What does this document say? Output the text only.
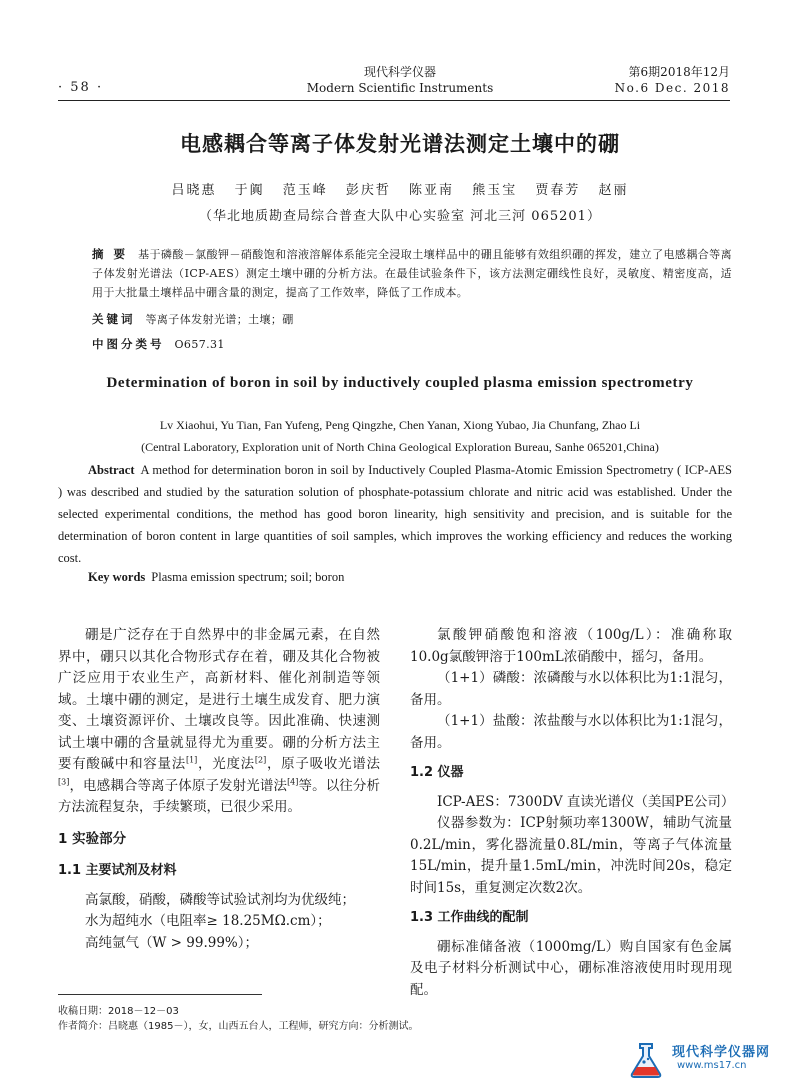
· 58 ·
现代科学仪器
Modern Scientific Instruments
第6期2018年12月
No.6 Dec. 2018
电感耦合等离子体发射光谱法测定土壤中的硼
吕晓惠 于阗 范玉峰 彭庆哲 陈亚南 熊玉宝 贾春芳 赵丽
（华北地质勘查局综合普查大队中心实验室 河北三河 065201）
摘 要 基于磷酸－氯酸钾－硝酸饱和溶液溶解体系能完全浸取土壤样品中的硼且能够有效组织硼的挥发，建立了电感耦合等离子体发射光谱法（ICP-AES）测定土壤中硼的分析方法。在最佳试验条件下，该方法测定硼线性良好，灵敏度、精密度高，适用于大批量土壤样品中硼含量的测定，提高了工作效率，降低了工作成本。
关键词 等离子体发射光谱；土壤；硼
中图分类号 O657.31
Determination of boron in soil by inductively coupled plasma emission spectrometry
Lv Xiaohui, Yu Tian, Fan Yufeng, Peng Qingzhe, Chen Yanan, Xiong Yubao, Jia Chunfang, Zhao Li
(Central Laboratory, Exploration unit of North China Geological Exploration Bureau, Sanhe 065201,China)
Abstract A method for determination boron in soil by Inductively Coupled Plasma-Atomic Emission Spectrometry ( ICP-AES ) was described and studied by the saturation solution of phosphate-potassium chlorate and nitric acid was established. Under the selected experimental conditions, the method has good boron linearity, high sensitivity and precision, and is suitable for the determination of boron content in large quantities of soil samples, which improves the working efficiency and reduces the working cost.
Key words Plasma emission spectrum; soil; boron

硼是广泛存在于自然界中的非金属元素，在自然界中，硼只以其化合物形式存在着，硼及其化合物被广泛应用于农业生产，高新材料、催化剂制造等领域。土壤中硼的测定，是进行土壤生成发育、肥力演变、土壤资源评价、土壤改良等。因此准确、快速测试土壤中硼的含量就显得尤为重要。硼的分析方法主要有酸碱中和容量法[1]，光度法[2]，原子吸收光谱法[3]，电感耦合等离子体原子发射光谱法[4]等。以往分析方法流程复杂，手续繁琐，已很少采用。

1 实验部分

1.1 主要试剂及材料

高氯酸，硝酸，磷酸等试验试剂均为优级纯；

水为超纯水（电阻率≥ 18.25MΩ.cm）；

高纯氩气（W > 99.99%）；

氯酸钾硝酸饱和溶液（100g/L）：准确称取10.0g氯酸钾溶于100mL浓硝酸中，摇匀，备用。

（1+1）磷酸：浓磷酸与水以体积比为1:1混匀，备用。

（1+1）盐酸：浓盐酸与水以体积比为1:1混匀，备用。

1.2 仪器

ICP-AES：7300DV 直读光谱仪（美国PE公司）

仪器参数为：ICP射频功率1300W，辅助气流量0.2L/min，雾化器流量0.8L/min，等离子气体流量15L/min，提升量1.5mL/min，冲洗时间20s，稳定时间15s，重复测定次数2次。

1.3 工作曲线的配制

硼标准储备液（1000mg/L）购自国家有色金属及电子材料分析测试中心，硼标准溶液使用时现用现配。

收稿日期：2018－12－03
作者简介：吕晓惠（1985－），女，山西五台人，工程师，研究方向：分析测试。
现代科学仪器网
www.ms17.cn
